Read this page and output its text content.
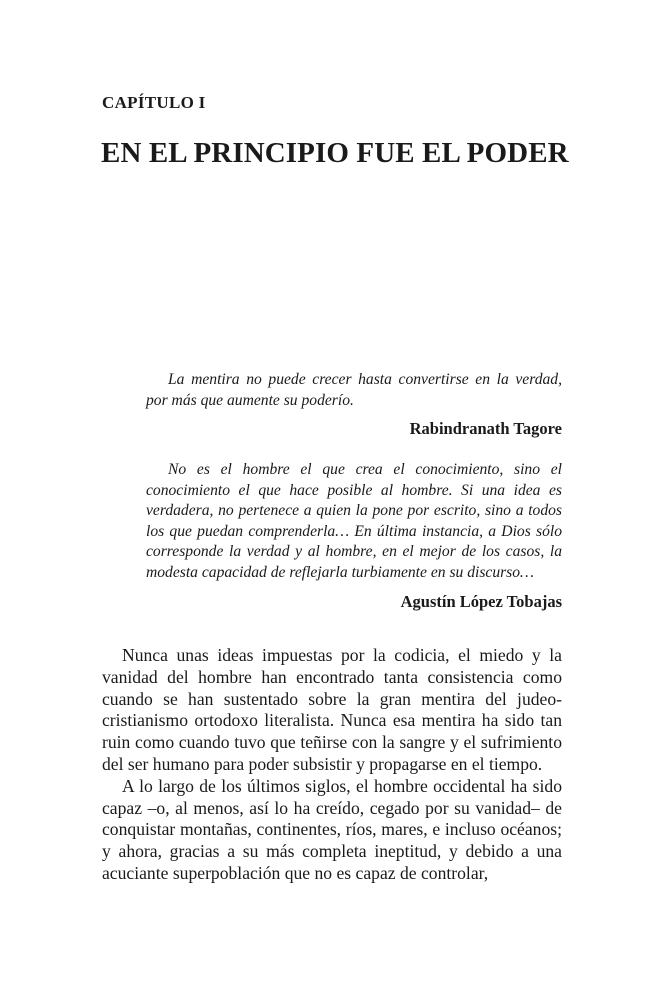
CAPÍTULO I
EN EL PRINCIPIO FUE EL PODER

La mentira no puede crecer hasta convertirse en la verdad, por más que aumente su poderío.

Rabindranath Tagore

No es el hombre el que crea el conocimiento, sino el conocimiento el que hace posible al hombre. Si una idea es verdadera, no pertenece a quien la pone por escrito, sino a todos los que puedan comprenderla… En última instancia, a Dios sólo corresponde la verdad y al hombre, en el mejor de los casos, la modesta capacidad de reflejarla turbiamente en su discurso…

Agustín López Tobajas

Nunca unas ideas impuestas por la codicia, el miedo y la vanidad del hombre han encontrado tanta consistencia como cuando se han sustentado sobre la gran mentira del judeo-cristianismo ortodoxo literalista. Nunca esa mentira ha sido tan ruin como cuando tuvo que teñirse con la sangre y el sufrimiento del ser humano para poder subsistir y propagarse en el tiempo.

A lo largo de los últimos siglos, el hombre occidental ha sido capaz –o, al menos, así lo ha creído, cegado por su vanidad– de conquistar montañas, continentes, ríos, mares, e incluso océanos; y ahora, gracias a su más completa ineptitud, y debido a una acuciante superpoblación que no es capaz de controlar,
